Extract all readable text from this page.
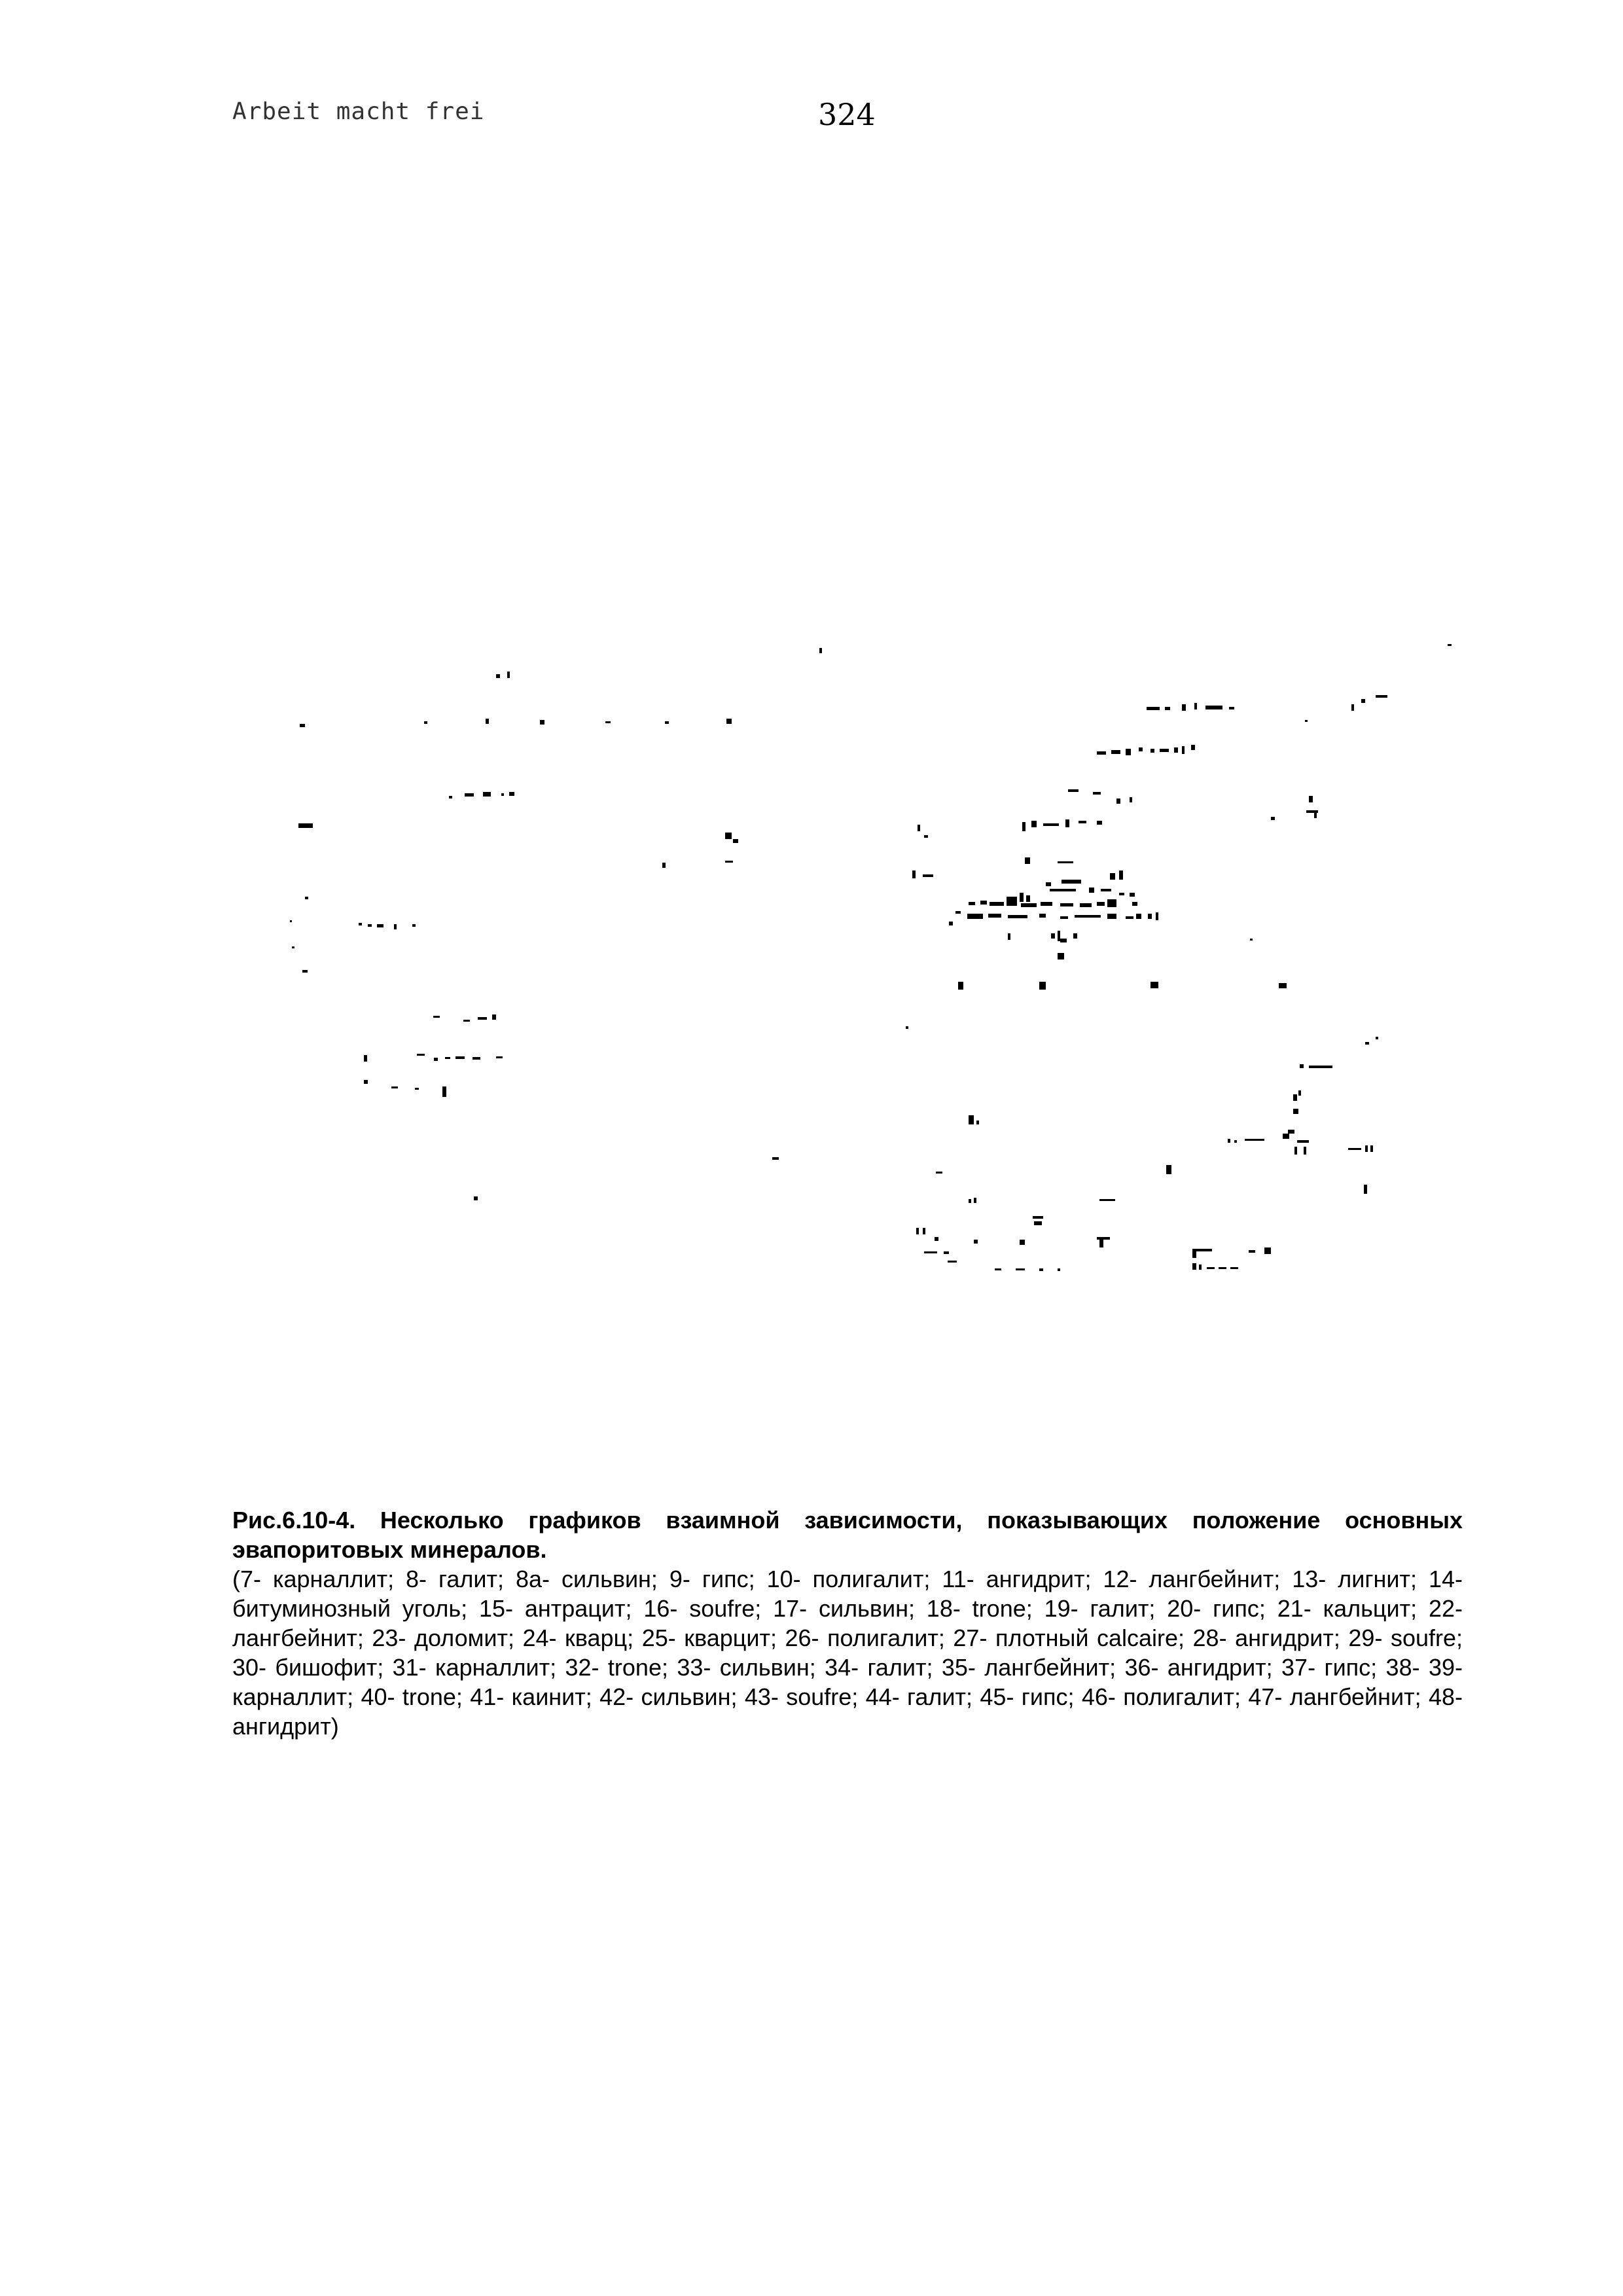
Arbeit macht frei	324
Рис.6.10-4. Несколько графиков взаимной зависимости, показывающих положение основных эвапоритовых минералов.
(7- карналлит; 8- галит; 8а- сильвин; 9- гипс; 10- полигалит; 11- ангидрит; 12- лангбейнит; 13- лигнит; 14- битуминозный уголь; 15- антрацит; 16- soufre; 17- сильвин; 18- trone; 19- галит; 20- гипс; 21- кальцит; 22- лангбейнит; 23- доломит; 24- кварц; 25- кварцит; 26- полигалит; 27- плотный calcaire; 28- ангидрит; 29- soufre; 30- бишофит; 31- карналлит; 32- trone; 33- сильвин; 34- галит; 35- лангбейнит; 36- ангидрит; 37- гипс; 38- 39- карналлит; 40- trone; 41- каинит; 42- сильвин; 43- soufre; 44- галит; 45- гипс; 46- полигалит; 47- лангбейнит; 48- ангидрит)
